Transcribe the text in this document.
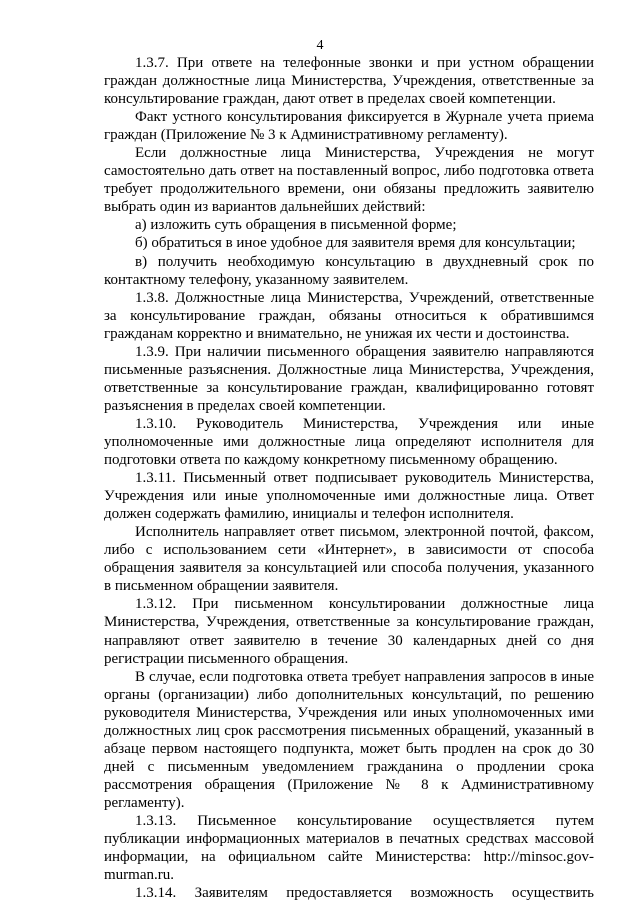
4

1.3.7. При ответе на телефонные звонки и при устном обращении граждан должностные лица Министерства, Учреждения, ответственные за консультирование граждан, дают ответ в пределах своей компетенции.

Факт устного консультирования фиксируется в Журнале учета приема граждан (Приложение № 3 к Административному регламенту).

Если должностные лица Министерства, Учреждения не могут самостоятельно дать ответ на поставленный вопрос, либо подготовка ответа требует продолжительного времени, они обязаны предложить заявителю выбрать один из вариантов дальнейших действий:

а) изложить суть обращения в письменной форме;

б) обратиться в иное удобное для заявителя время для консультации;

в) получить необходимую консультацию в двухдневный срок по контактному телефону, указанному заявителем.

1.3.8. Должностные лица Министерства, Учреждений, ответственные за консультирование граждан, обязаны относиться к обратившимся гражданам корректно и внимательно, не унижая их чести и достоинства.

1.3.9. При наличии письменного обращения заявителю направляются письменные разъяснения. Должностные лица Министерства, Учреждения, ответственные за консультирование граждан, квалифицированно готовят разъяснения в пределах своей компетенции.

1.3.10. Руководитель Министерства, Учреждения или иные уполномоченные ими должностные лица определяют исполнителя для подготовки ответа по каждому конкретному письменному обращению.

1.3.11. Письменный ответ подписывает руководитель Министерства, Учреждения или иные уполномоченные ими должностные лица. Ответ должен содержать фамилию, инициалы и телефон исполнителя.

Исполнитель направляет ответ письмом, электронной почтой, факсом, либо с использованием сети «Интернет», в зависимости от способа обращения заявителя за консультацией или способа получения, указанного в письменном обращении заявителя.

1.3.12. При письменном консультировании должностные лица Министерства, Учреждения, ответственные за консультирование граждан, направляют ответ заявителю в течение 30 календарных дней со дня регистрации письменного обращения.

В случае, если подготовка ответа требует направления запросов в иные органы (организации) либо дополнительных консультаций, по решению руководителя Министерства, Учреждения или иных уполномоченных ими должностных лиц срок рассмотрения письменных обращений, указанный в абзаце первом настоящего подпункта, может быть продлен на срок до 30 дней с письменным уведомлением гражданина о продлении срока рассмотрения обращения (Приложение № 8 к Административному регламенту).

1.3.13. Письменное консультирование осуществляется путем публикации информационных материалов в печатных средствах массовой информации, на официальном сайте Министерства: http://minsoc.gov-murman.ru.

1.3.14. Заявителям предоставляется возможность осуществить
